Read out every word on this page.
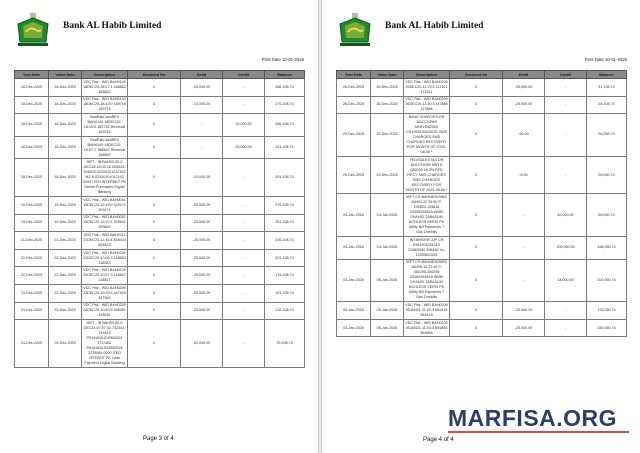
Bank AL Habib Limited
Print Date 10-01-2026
Tran Date	Value Date	Description	Docment No	Debit	Credit	Balance
18-Dec-2025	18-Dec-2025	VDC Pak - WID BAH0149 18DEC20-18:07:1 188662 188662	0	-25,000.00	-	286,108.74
18-Dec-2025	18-Dec-2025	VDC Pak - WID BAH0149 18DEC20-18:10:0 189716 189716	0	-10,000.00	-	276,108.74
18-Dec-2025	18-Dec-2025	VisaPakCashREV BAH0149 18DEC20-18:10:0 189716-Reversal 189716	0	-	10,000.00	286,108.74
18-Dec-2025	18-Dec-2025	VisaPakCashREV BAH0149 18DEC20-18:07:1 188662-Reversal 188662	0	-	25,000.00	311,108.74
18-Dec-2025	18-Dec-2025	IBFT - IB BAH00-00-0 DEC18-18:40:28 026525-026525 02300101012192 MZ B 02300101012192 0000 ITED INTERNET PK Online Purchases Digital Banking	0	-10,000.00	-	301,108.74
19-Dec-2025	19-Dec-2025	VDC Pak - WID BAH0081 19DEC20-12:19:0 329171 329171	0	-25,000.00	-	276,108.74
19-Dec-2025	19-Dec-2025	VDC Pak - WID BAH0081 19DEC20-12:20:1 329642 329642	0	-25,000.00	-	251,108.74
21-Dec-2025	21-Dec-2025	VDC Pak - WID BAH0111 21DEC20-11:46:4 838433 838433	0	-25,000.00	-	226,108.74
22-Dec-2025	22-Dec-2025	VDC Pak - WID BAH0209 22DEC20-10:06:3 118583 118583	0	-25,000.00	-	201,108.74
22-Dec-2025	22-Dec-2025	VDC Pak - WID BAH0209 22DEC20-10:07:3 118827 118827	0	-25,000.00	-	176,108.74
23-Dec-2025	23-Dec-2025	VDC Pak - WID BAH0209 23DEC20-10:39:3 447920 447920	0	-25,000.00	-	151,108.74
23-Dec-2025	23-Dec-2025	VDC Pak - WID BAH0209 23DEC20-10:40:3 448261 448261	0	-25,000.00	-	126,108.74
24-Dec-2025	24-Dec-2025	IBFT - IB BAH00-00-0 DEC24-07:07:42 742443-742443 PK44UNIL010900024 373 UBL PK44UNIL010900024 3730084 0000 ITED INTERNT PK Loan Payment Digital Banking	0	-50,000.00	-	76,108.74
Page 3 of 4
Bank AL Habib Limited
Print Date 10-01-2026
Tran Date	Value Date	Description	Docment No	Debit	Credit	Balance
26-Dec-2025	26-Dec-2025	VDC Pak - WID BAH0209 26DEC20-11:29:3 117511 117511	0	-25,000.00	-	51,108.74
26-Dec-2025	26-Dec-2025	VDC Pak - WID BAH0209 26DEC20-11:30:3 117888 117888	0	-25,000.00	-	26,108.74
29-Dec-2025	29-Dec-2025	BANK CHARGES-DR ADCCHG69 MNTH082025 CH1098100428101 SMS CHARGES SMS CHARGES RECOVERY FOR MONTH OF 2025-08-06 *	0	-50.00	-	26,058.74
29-Dec-2025	29-Dec-2025	FED/SALESTAX DR ADCCHG69 MNTH 082025 16.0% FED RECY SMS CHARGES SMS CHARGES RECOVERY FOR MONTH OF 2025-08-06 *	0	-8.00	-	26,050.74
04-Jan-2026	04-Jan-2026	IBFT CR BAH0804/5953 JAN03-22:35:50 P-109834-109834 03000394518-WMB SHAHID TABASUM NCHLESS SERVI PK Utility Bill Payments 7 Gas Onebills	0	-	40,000.00	66,050.74
04-Jan-2026	04-Jan-2026	INTBRK/RECDP CR 0981004261015 1248/0050 596450 Vc-100056/2026	0	-	100,000.00	166,050.74
05-Jan-2026	05-Jan-2026	IBFT CR BAH0804/5953 JAN05-10:37:46 P-456295-456295 03000394518-WMB SHAHID TABASUM NCHLESS SERVI PK Utility Bill Payments 7 Gas Onebills	0	-	34,000.00	200,050.74
05-Jan-2026	05-Jan-2026	VDC Pak - WID BAH0209 05JAN21-11:02:4 554418 554418	0	-25,000.00	-	175,050.74
05-Jan-2026	05-Jan-2026	VDC Pak - WID BAH0209 05JAN21-11:03:4 554858 554858	0	-25,000.00	-	150,050.74
MARFISA.ORG
Page 4 of 4
